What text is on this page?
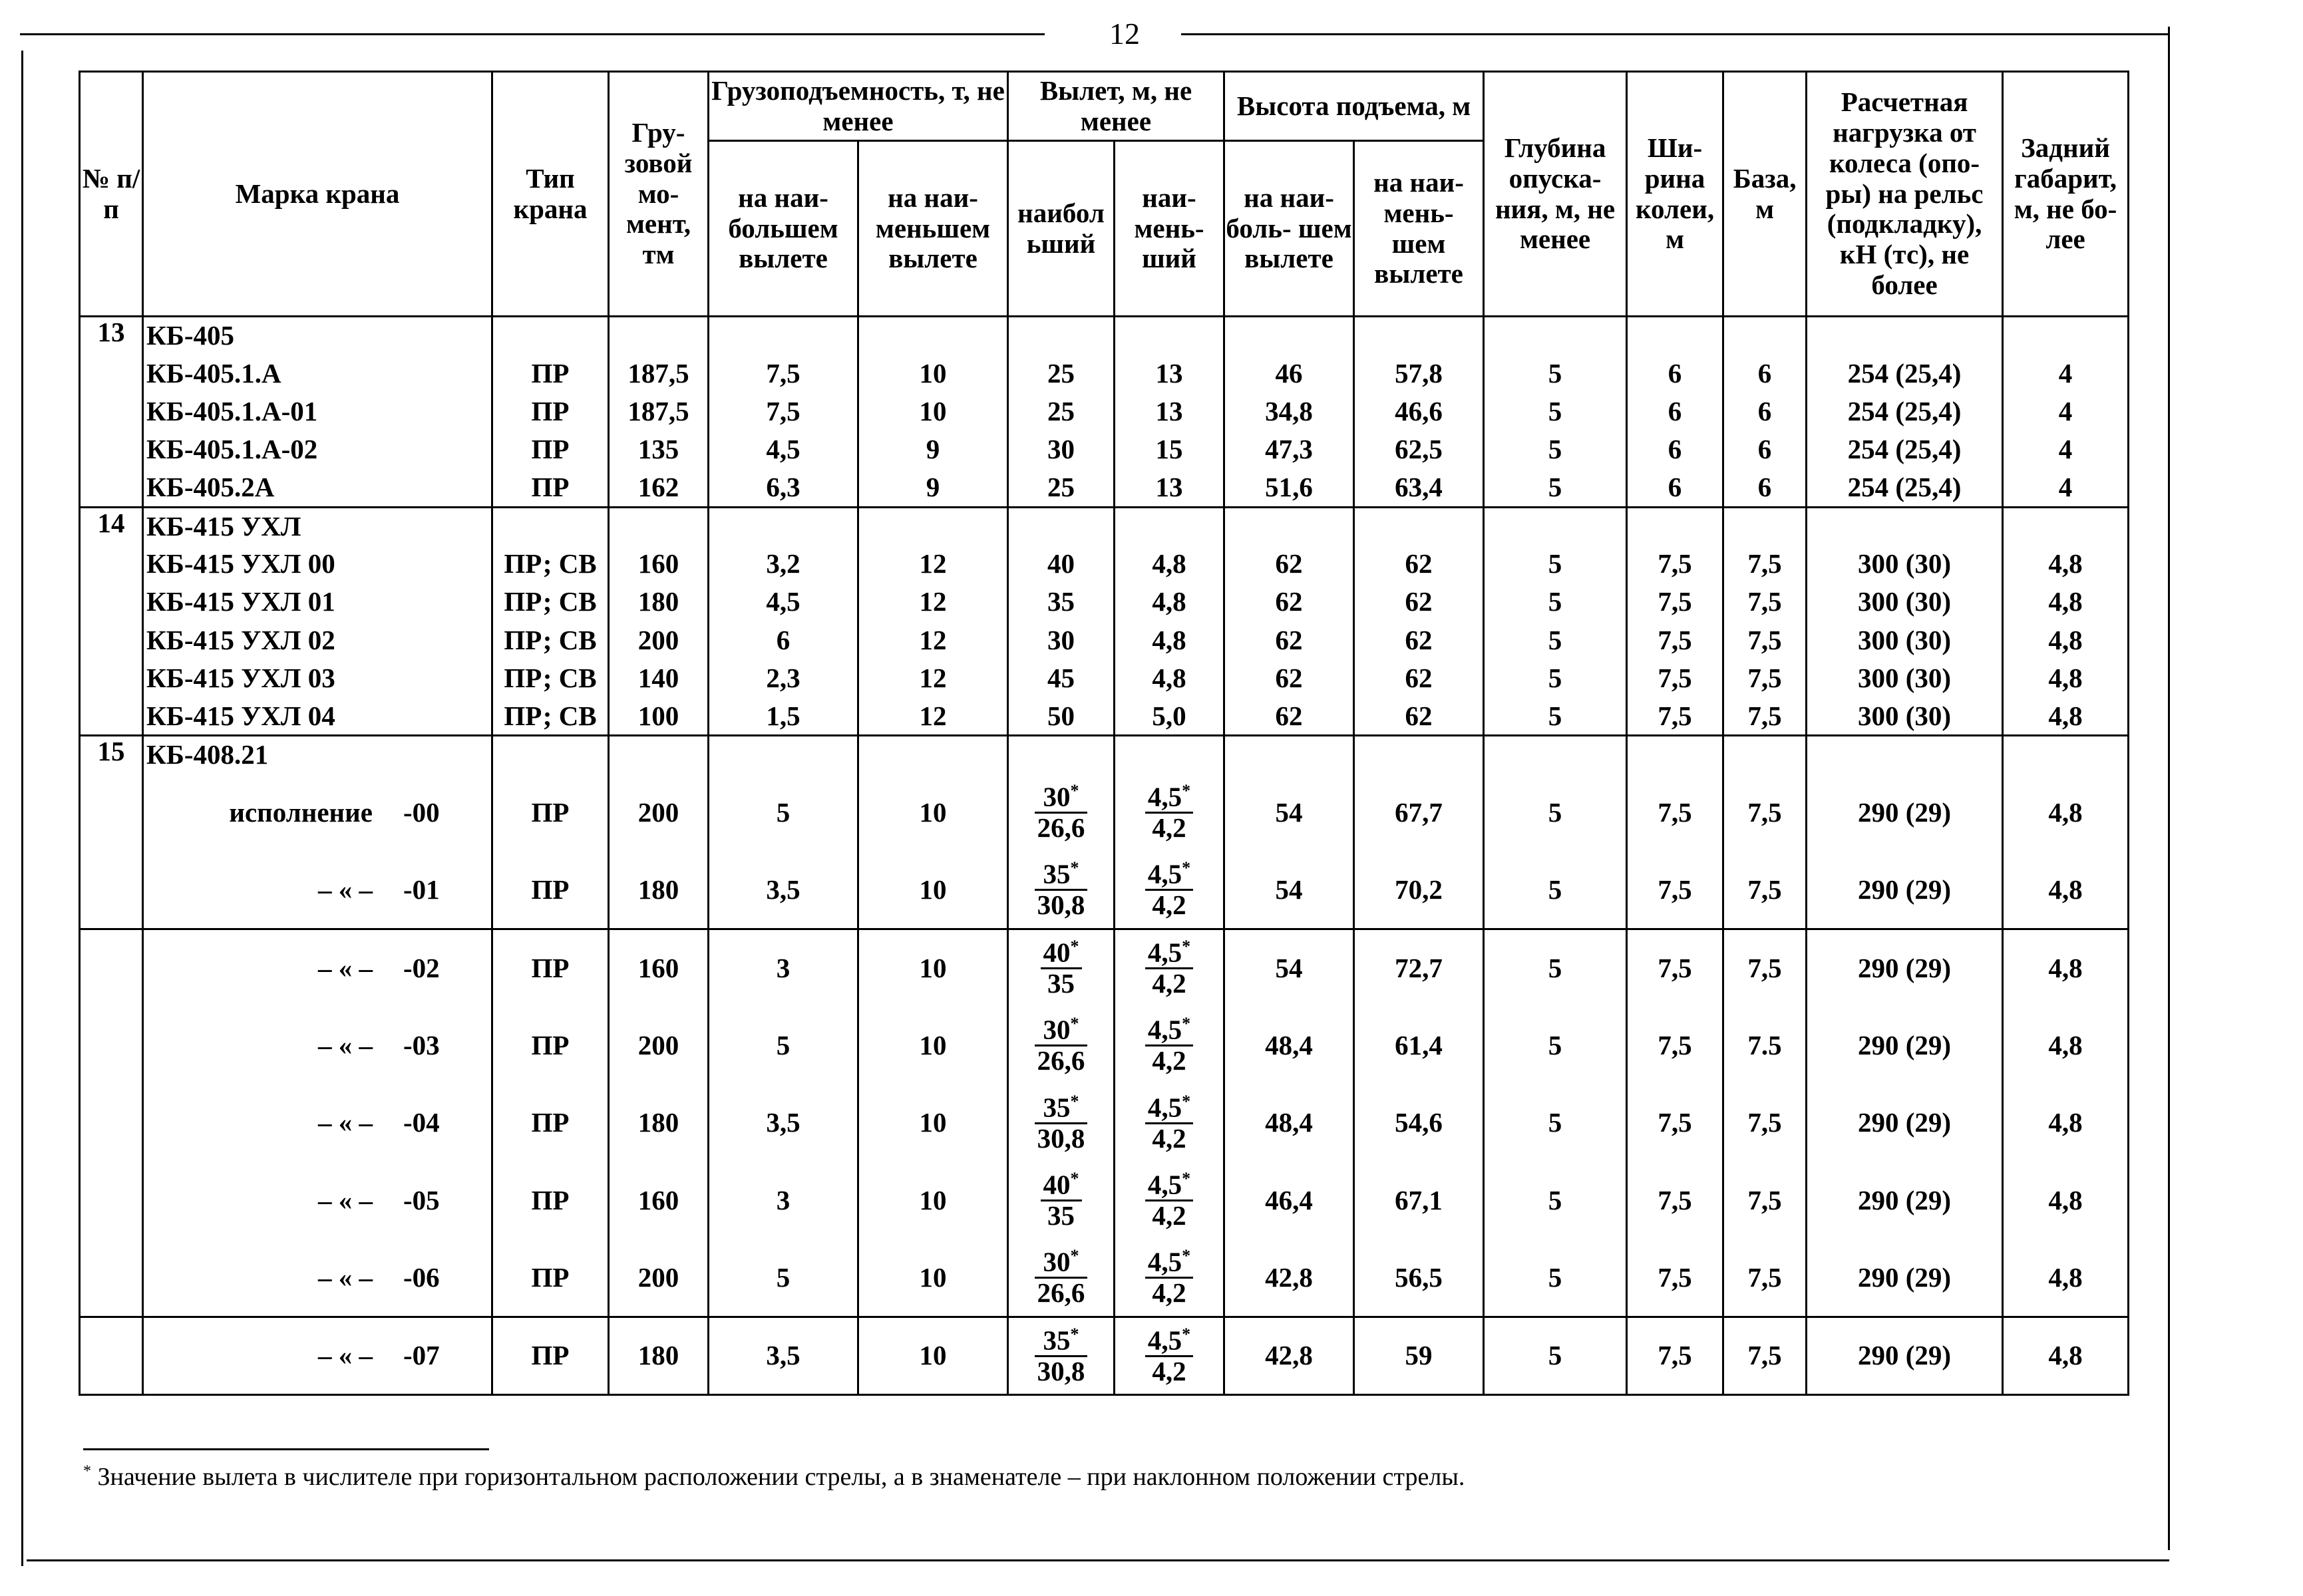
12
№ п/п	Марка крана	Тип крана	Гру- зовой мо- мент, тм	Грузоподъемность, т, не менее		Вылет, м, не менее		Высота подъема, м		Глубина опуска- ния, м, не менее	Ши- рина колеи, м	База, м	Расчетная нагрузка от колеса (опо- ры) на рельс (подкладку), кН (тс), не более	Задний габарит, м, не бо- лее
				на наи- большем вылете	на наи- меньшем вылете	наибол ьший	наи- мень- ший	на наи- боль- шем вылете	на наи- мень- шем вылете					
13	КБ-405													
	КБ-405.1.А	ПР	187,5	7,5	10	25	13	46	57,8	5	6	6	254 (25,4)	4
	КБ-405.1.А-01	ПР	187,5	7,5	10	25	13	34,8	46,6	5	6	6	254 (25,4)	4
	КБ-405.1.А-02	ПР	135	4,5	9	30	15	47,3	62,5	5	6	6	254 (25,4)	4
	КБ-405.2А	ПР	162	6,3	9	25	13	51,6	63,4	5	6	6	254 (25,4)	4
14	КБ-415 УХЛ													
	КБ-415 УХЛ 00	ПР; СВ	160	3,2	12	40	4,8	62	62	5	7,5	7,5	300 (30)	4,8
	КБ-415 УХЛ 01	ПР; СВ	180	4,5	12	35	4,8	62	62	5	7,5	7,5	300 (30)	4,8
	КБ-415 УХЛ 02	ПР; СВ	200	6	12	30	4,8	62	62	5	7,5	7,5	300 (30)	4,8
	КБ-415 УХЛ 03	ПР; СВ	140	2,3	12	45	4,8	62	62	5	7,5	7,5	300 (30)	4,8
	КБ-415 УХЛ 04	ПР; СВ	100	1,5	12	50	5,0	62	62	5	7,5	7,5	300 (30)	4,8
15	КБ-408.21													

	исполнение -00	ПР	200	5	10	$\frac{30^*}{26,6}$	$\frac{4,5^*}{4,2}$	54	67,7	5	7,5	7,5	290 (29)	4,8

	– « – -01	ПР	180	3,5	10	$\frac{35^*}{30,8}$	$\frac{4,5^*}{4,2}$	54	70,2	5	7,5	7,5	290 (29)	4,8

	– « – -02	ПР	160	3	10	$\frac{40^*}{35}$	$\frac{4,5^*}{4,2}$	54	72,7	5	7,5	7,5	290 (29)	4,8

	– « – -03	ПР	200	5	10	$\frac{30^*}{26,6}$	$\frac{4,5^*}{4,2}$	48,4	61,4	5	7,5	7.5	290 (29)	4,8

	– « – -04	ПР	180	3,5	10	$\frac{35^*}{30,8}$	$\frac{4,5^*}{4,2}$	48,4	54,6	5	7,5	7,5	290 (29)	4,8

	– « – -05	ПР	160	3	10	$\frac{40^*}{35}$	$\frac{4,5^*}{4,2}$	46,4	67,1	5	7,5	7,5	290 (29)	4,8

	– « – -06	ПР	200	5	10	$\frac{30^*}{26,6}$	$\frac{4,5^*}{4,2}$	42,8	56,5	5	7,5	7,5	290 (29)	4,8

	– « – -07	ПР	180	3,5	10	$\frac{35^*}{30,8}$	$\frac{4,5^*}{4,2}$	42,8	59	5	7,5	7,5	290 (29)	4,8
* Значение вылета в числителе при горизонтальном расположении стрелы, а в знаменателе – при наклонном положении стрелы.
